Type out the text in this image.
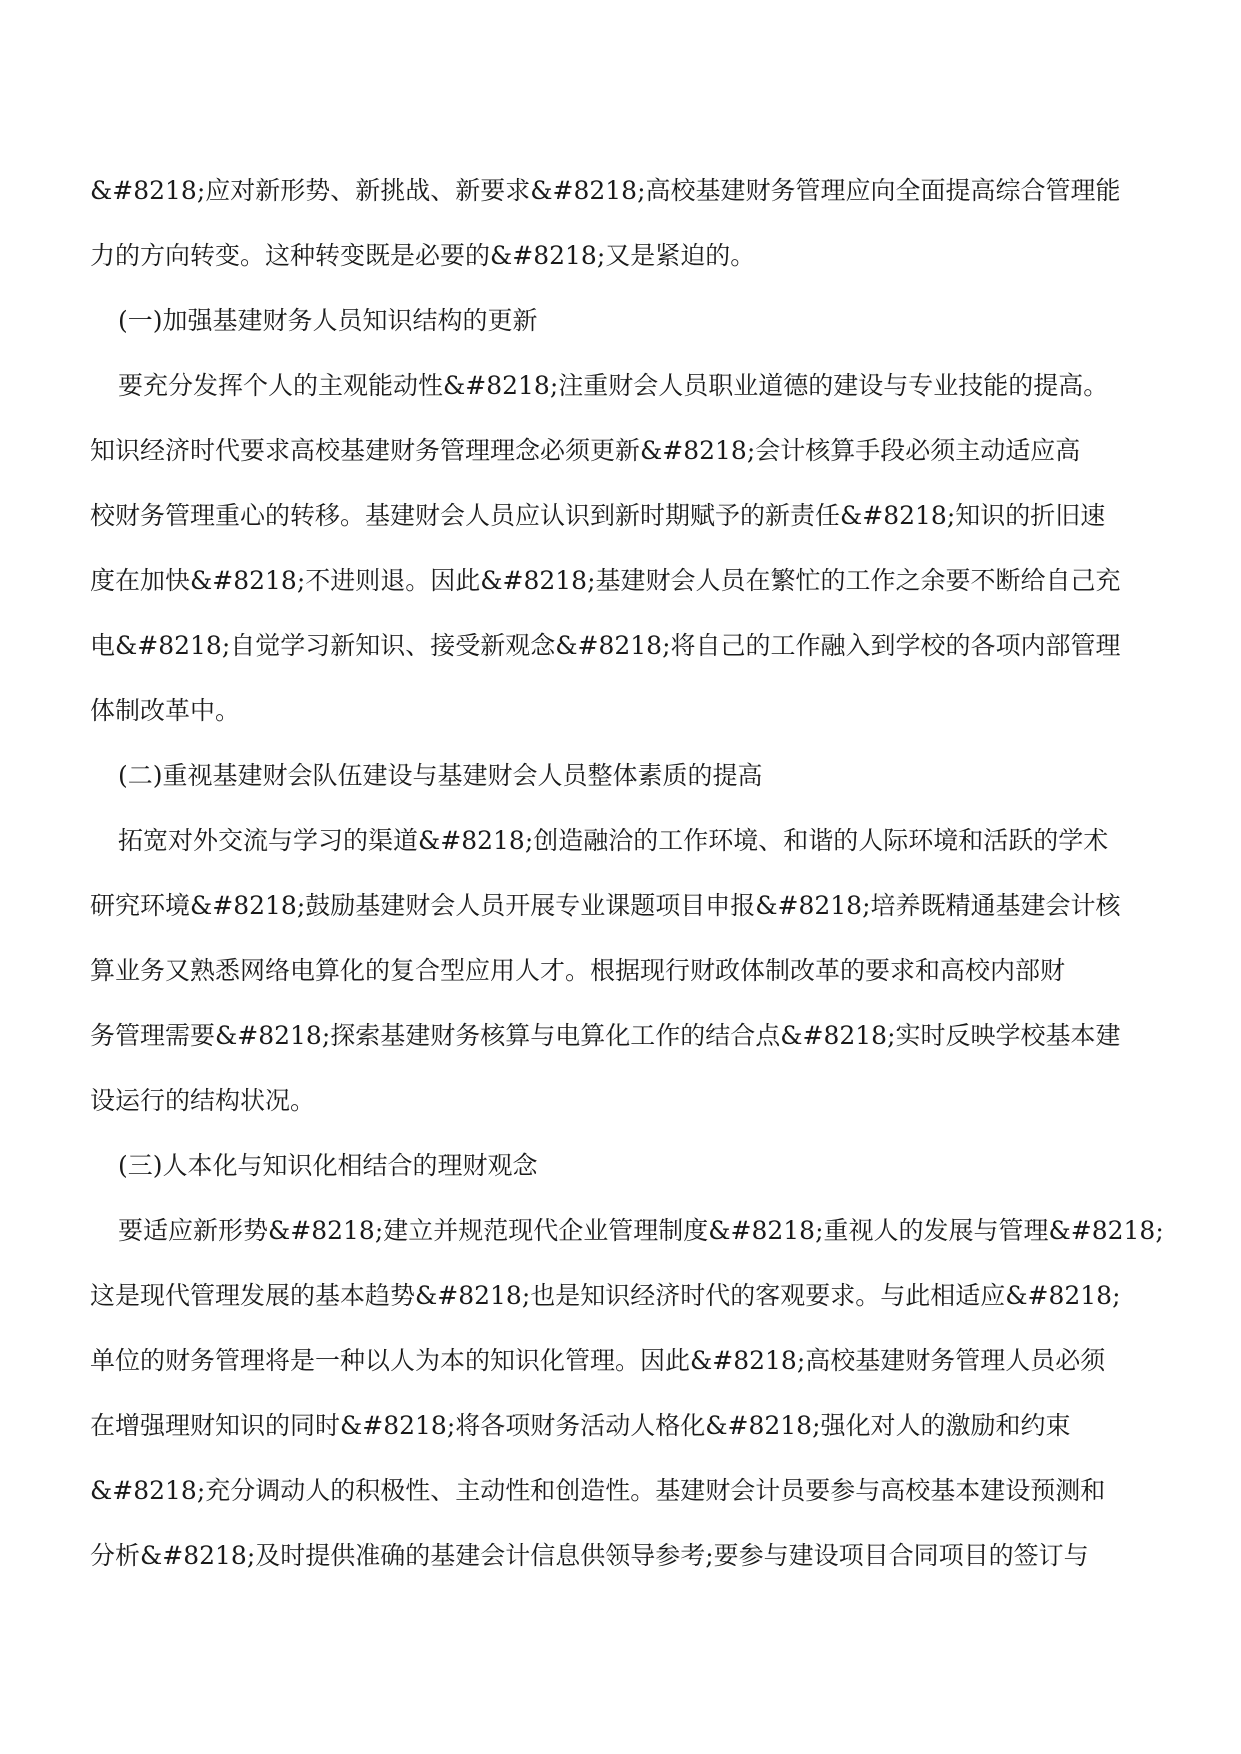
&#8218;应对新形势、新挑战、新要求&#8218;高校基建财务管理应向全面提高综合管理能
力的方向转变。这种转变既是必要的&#8218;又是紧迫的。
(一)加强基建财务人员知识结构的更新
要充分发挥个人的主观能动性&#8218;注重财会人员职业道德的建设与专业技能的提高。
知识经济时代要求高校基建财务管理理念必须更新&#8218;会计核算手段必须主动适应高
校财务管理重心的转移。基建财会人员应认识到新时期赋予的新责任&#8218;知识的折旧速
度在加快&#8218;不进则退。因此&#8218;基建财会人员在繁忙的工作之余要不断给自己充
电&#8218;自觉学习新知识、接受新观念&#8218;将自己的工作融入到学校的各项内部管理
体制改革中。
(二)重视基建财会队伍建设与基建财会人员整体素质的提高
拓宽对外交流与学习的渠道&#8218;创造融洽的工作环境、和谐的人际环境和活跃的学术
研究环境&#8218;鼓励基建财会人员开展专业课题项目申报&#8218;培养既精通基建会计核
算业务又熟悉网络电算化的复合型应用人才。根据现行财政体制改革的要求和高校内部财
务管理需要&#8218;探索基建财务核算与电算化工作的结合点&#8218;实时反映学校基本建
设运行的结构状况。
(三)人本化与知识化相结合的理财观念
要适应新形势&#8218;建立并规范现代企业管理制度&#8218;重视人的发展与管理&#8218;
这是现代管理发展的基本趋势&#8218;也是知识经济时代的客观要求。与此相适应&#8218;
单位的财务管理将是一种以人为本的知识化管理。因此&#8218;高校基建财务管理人员必须
在增强理财知识的同时&#8218;将各项财务活动人格化&#8218;强化对人的激励和约束
&#8218;充分调动人的积极性、主动性和创造性。基建财会计员要参与高校基本建设预测和
分析&#8218;及时提供准确的基建会计信息供领导参考;要参与建设项目合同项目的签订与
